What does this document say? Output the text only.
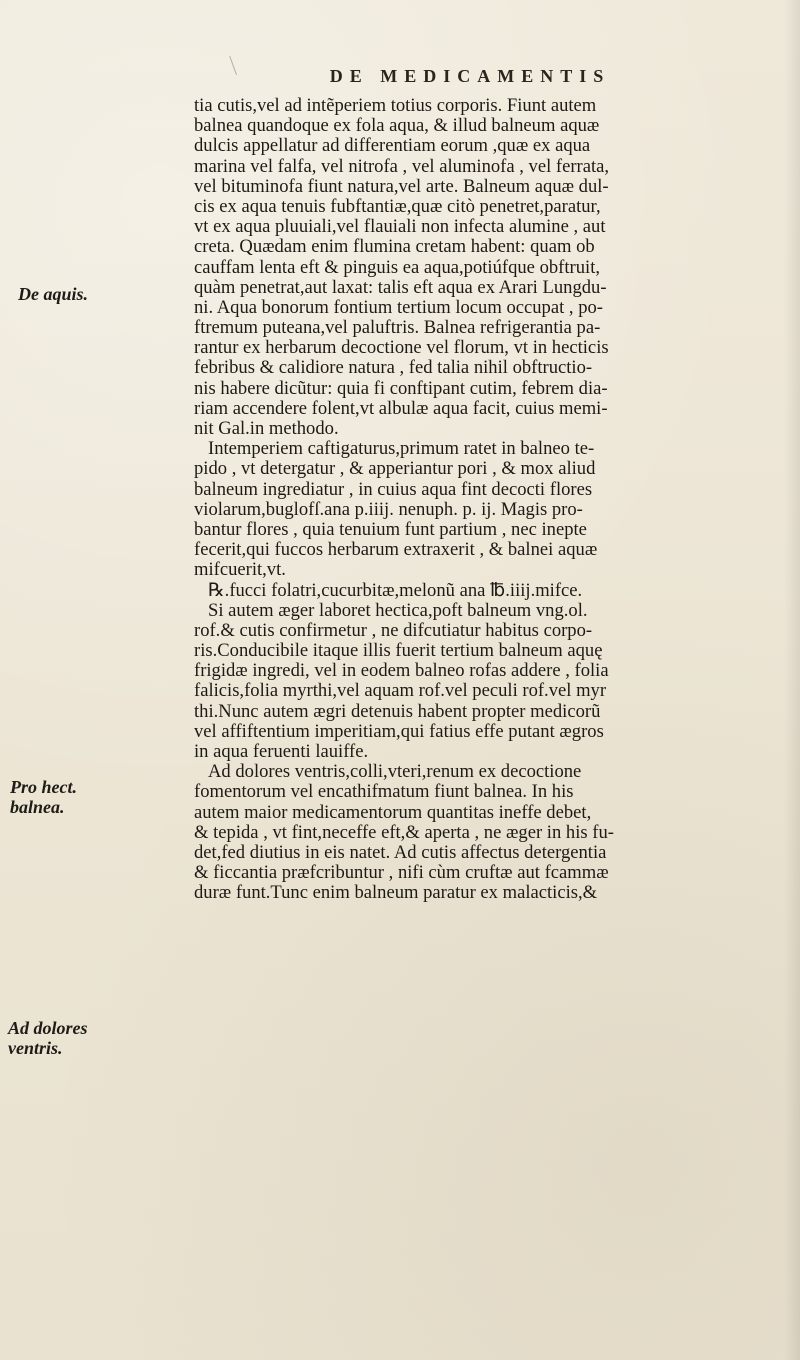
DE MEDICAMENTIS
De aquis.
Pro hect.
balnea.
Ad dolores
ventris.
tia cutis,vel ad intẽperiem totius corporis. Fiunt autem
balnea quandoque ex fola aqua, & illud balneum aquæ
dulcis appellatur ad differentiam eorum ,quæ ex aqua
marina vel falfa, vel nitrofa , vel aluminofa , vel ferrata,
vel bituminofa fiunt natura,vel arte. Balneum aquæ dul-
cis ex aqua tenuis fubftantiæ,quæ citò penetret,paratur,
vt ex aqua pluuiali,vel flauiali non infecta alumine , aut
creta. Quædam enim flumina cretam habent: quam ob
cauffam lenta eft & pinguis ea aqua,potiúfque obftruit,
quàm penetrat,aut laxat: talis eft aqua ex Arari Lungdu-
ni. Aqua bonorum fontium tertium locum occupat , po-
ftremum puteana,vel paluftris. Balnea refrigerantia pa-
rantur ex herbarum decoctione vel florum, vt in hecticis
febribus & calidiore natura , fed talia nihil obftructio-
nis habere dicũtur: quia fi conftipant cutim, febrem dia-
riam accendere folent,vt albulæ aqua facit, cuius memi-
nit Gal.in methodo.
Intemperiem caftigaturus,primum ratet in balneo te-
pido , vt detergatur , & apperiantur pori , & mox aliud
balneum ingrediatur , in cuius aqua fint decocti flores
violarum,buglofſ.ana p.iiij. nenuph. p. ij. Magis pro-
bantur flores , quia tenuium funt partium , nec inepte
fecerit,qui fuccos herbarum extraxerit , & balnei aquæ
mifcuerit,vt.
℞.fucci folatri,cucurbitæ,melonũ ana ℔.iiij.mifce.
Si autem æger laboret hectica,poft balneum vng.ol.
rof.& cutis confirmetur , ne difcutiatur habitus corpo-
ris.Conducibile itaque illis fuerit tertium balneum aquę
frigidæ ingredi, vel in eodem balneo rofas addere , folia
falicis,folia myrthi,vel aquam rof.vel peculi rof.vel myr
thi.Nunc autem ægri detenuis habent propter medicorũ
vel affiftentium imperitiam,qui fatius effe putant ægros
in aqua feruenti lauiffe.
Ad dolores ventris,colli,vteri,renum ex decoctione
fomentorum vel encathifmatum fiunt balnea. In his
autem maior medicamentorum quantitas ineffe debet,
& tepida , vt fint,neceffe eft,& aperta , ne æger in his fu-
det,fed diutius in eis natet. Ad cutis affectus detergentia
& ficcantia præfcribuntur , nifi cùm cruftæ aut fcammæ
duræ funt.Tunc enim balneum paratur ex malacticis,&
